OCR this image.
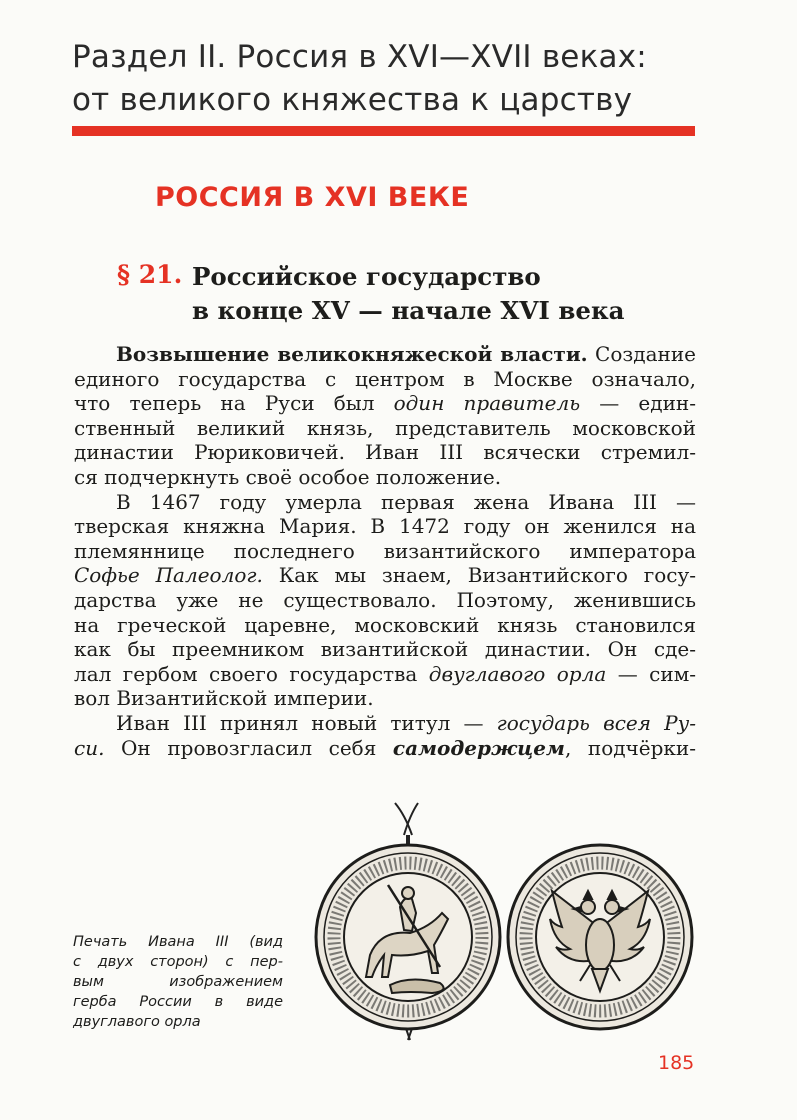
Раздел II. Россия в XVI—XVII веках:
от великого княжества к царству
РОССИЯ В XVI ВЕКЕ
§ 21. Российское государство
в конце XV — начале XVI века
Возвышение великокняжеской власти. Создание
единого государства с центром в Москве означало,
что теперь на Руси был один правитель — един-
ственный великий князь, представитель московской
династии Рюриковичей. Иван III всячески стремил-
ся подчеркнуть своё особое положение.
В 1467 году умерла первая жена Ивана III —
тверская княжна Мария. В 1472 году он женился на
племяннице последнего византийского императора
Софье Палеолог. Как мы знаем, Византийского госу-
дарства уже не существовало. Поэтому, женившись
на греческой царевне, московский князь становился
как бы преемником византийской династии. Он сде-
лал гербом своего государства двуглавого орла — сим-
вол Византийской империи.
Иван III принял новый титул — государь всея Ру-
си. Он провозгласил себя самодержцем, подчёрки-
Печать Ивана III (вид
с двух сторон) с пер-
вым изображением
герба России в виде
двуглавого орла
185
